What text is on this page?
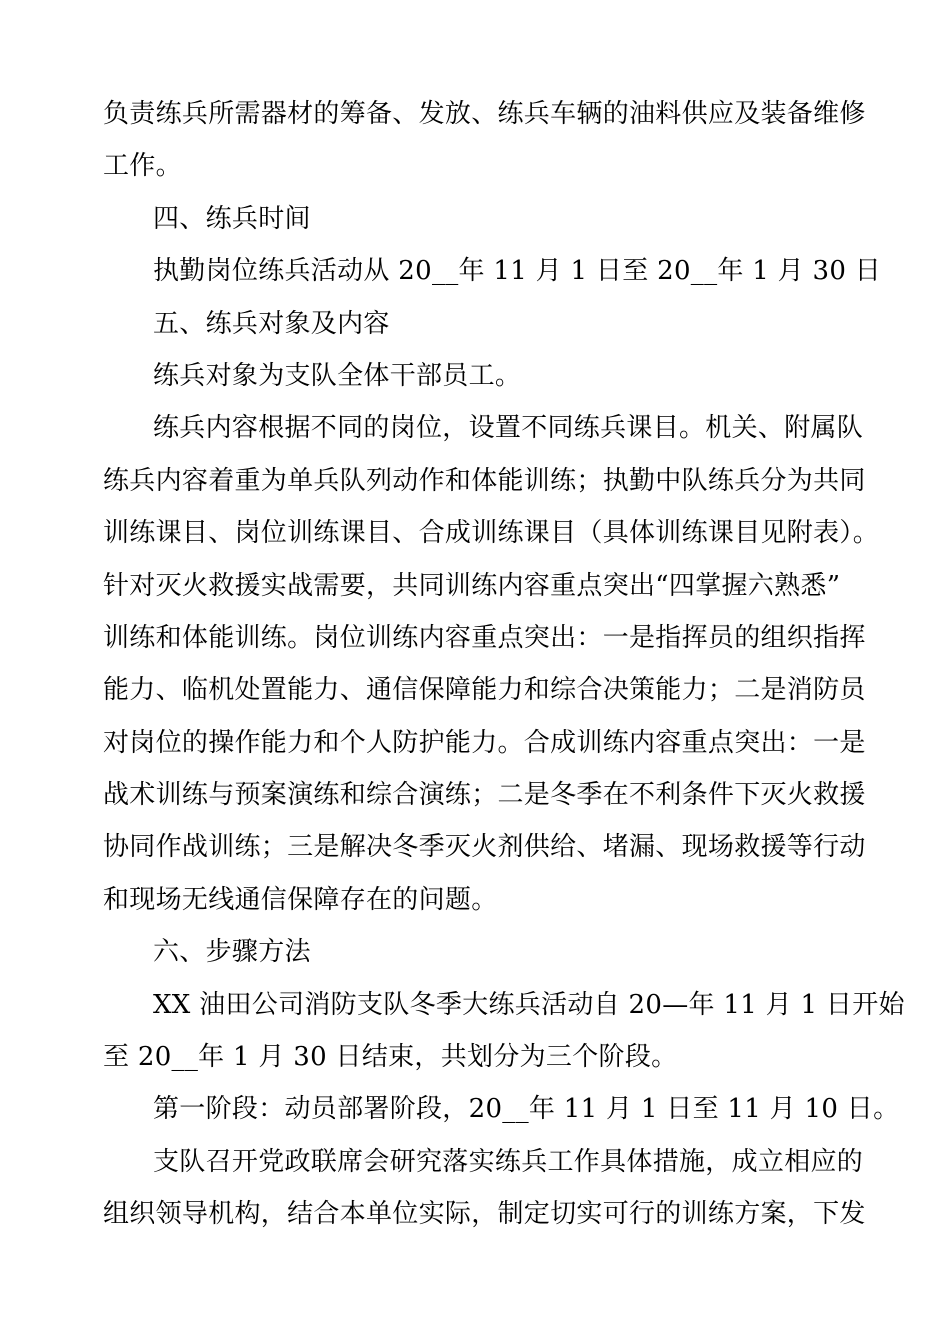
负责练兵所需器材的筹备、发放、练兵车辆的油料供应及装备维修
工作。
四、练兵时间
执勤岗位练兵活动从 20__年 11 月 1 日至 20__年 1 月 30 日
五、练兵对象及内容
练兵对象为支队全体干部员工。
练兵内容根据不同的岗位，设置不同练兵课目。机关、附属队
练兵内容着重为单兵队列动作和体能训练；执勤中队练兵分为共同
训练课目、岗位训练课目、合成训练课目（具体训练课目见附表）。
针对灭火救援实战需要，共同训练内容重点突出“四掌握六熟悉”
训练和体能训练。岗位训练内容重点突出：一是指挥员的组织指挥
能力、临机处置能力、通信保障能力和综合决策能力；二是消防员
对岗位的操作能力和个人防护能力。合成训练内容重点突出：一是
战术训练与预案演练和综合演练；二是冬季在不利条件下灭火救援
协同作战训练；三是解决冬季灭火剂供给、堵漏、现场救援等行动
和现场无线通信保障存在的问题。
六、步骤方法
XX 油田公司消防支队冬季大练兵活动自 20—年 11 月 1 日开始
至 20__年 1 月 30 日结束，共划分为三个阶段。
第一阶段：动员部署阶段，20__年 11 月 1 日至 11 月 10 日。
支队召开党政联席会研究落实练兵工作具体措施，成立相应的
组织领导机构，结合本单位实际，制定切实可行的训练方案，下发
